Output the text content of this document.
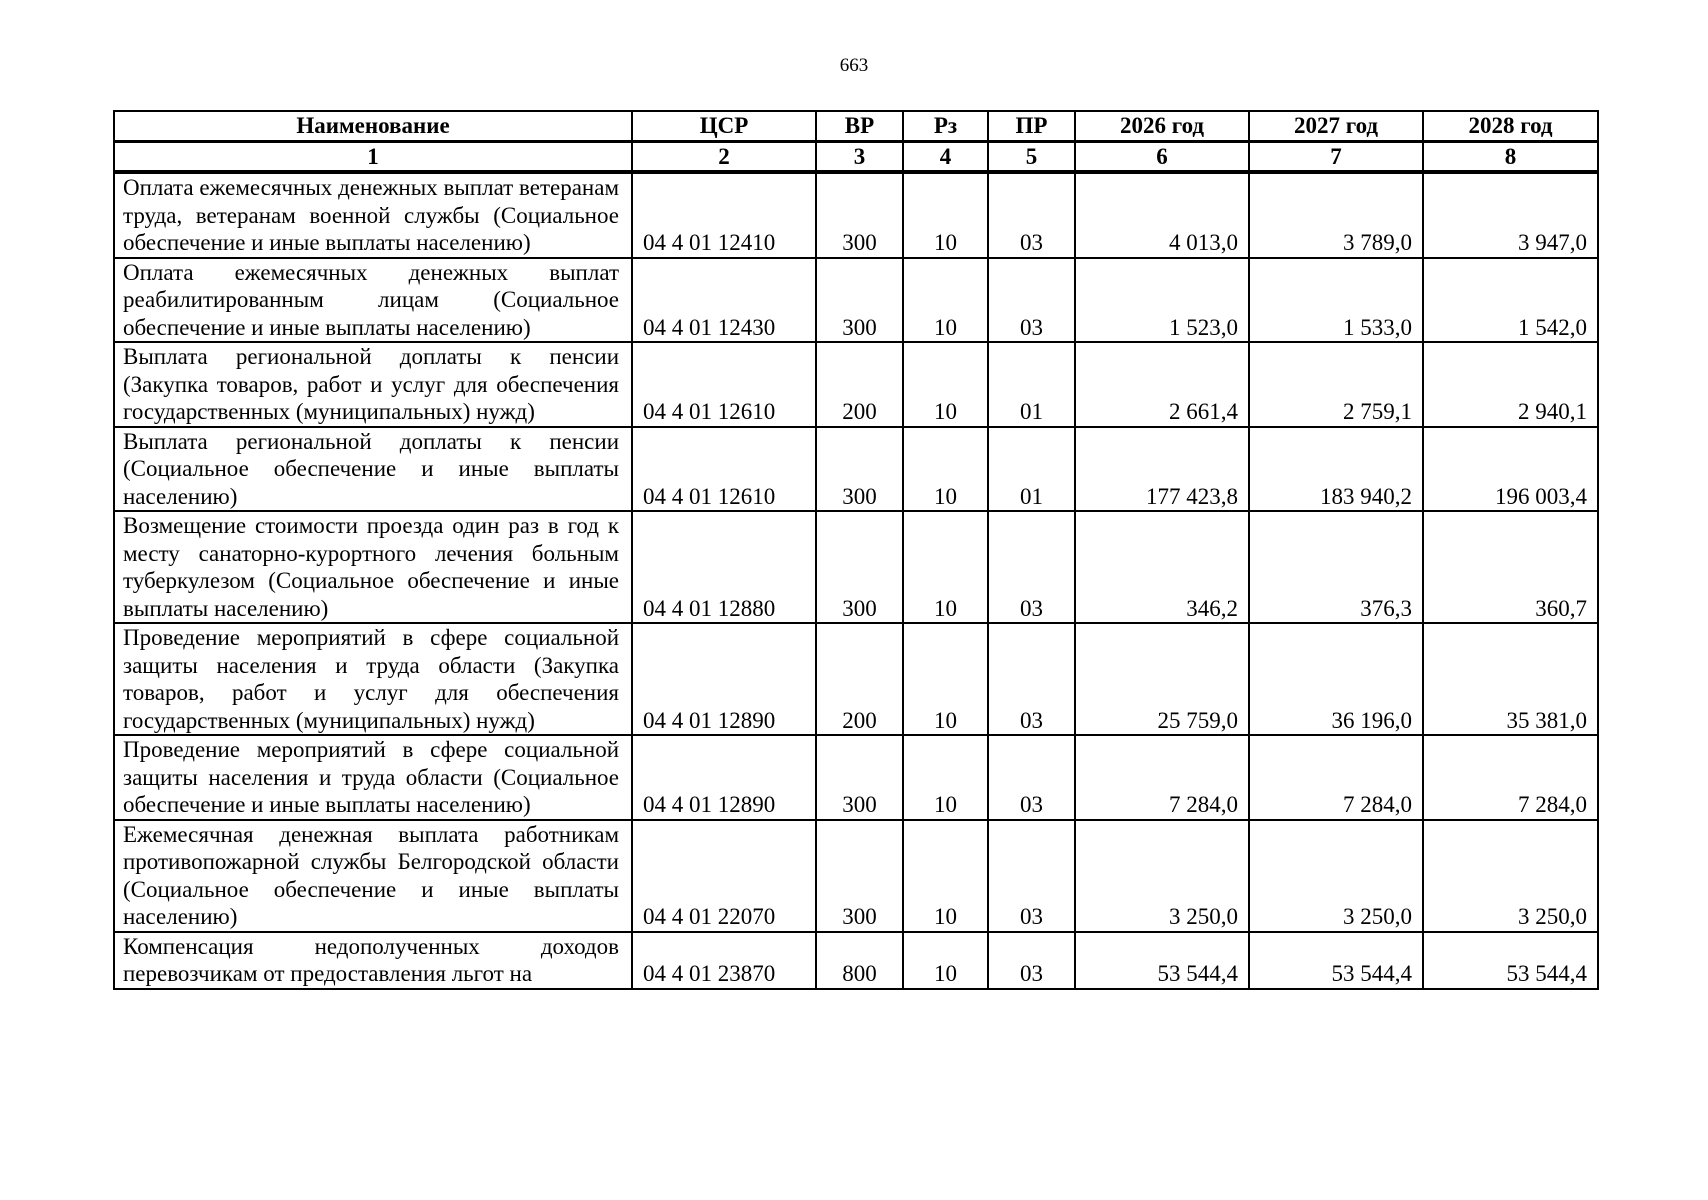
663
Наименование	ЦСР	ВР	Рз	ПР	2026 год	2027 год	2028 год
1	2	3	4	5	6	7	8
Оплата ежемесячных денежных выплат ветеранам труда, ветеранам военной службы (Социальное обеспечение и иные выплаты населению)	04 4 01 12410	300	10	03	4 013,0	3 789,0	3 947,0
Оплата ежемесячных денежных выплат реабилитированным лицам (Социальное обеспечение и иные выплаты населению)	04 4 01 12430	300	10	03	1 523,0	1 533,0	1 542,0
Выплата региональной доплаты к пенсии (Закупка товаров, работ и услуг для обеспечения государственных (муниципальных) нужд)	04 4 01 12610	200	10	01	2 661,4	2 759,1	2 940,1
Выплата региональной доплаты к пенсии (Социальное обеспечение и иные выплаты населению)	04 4 01 12610	300	10	01	177 423,8	183 940,2	196 003,4
Возмещение стоимости проезда один раз в год к месту санаторно-курортного лечения больным туберкулезом (Социальное обеспечение и иные выплаты населению)	04 4 01 12880	300	10	03	346,2	376,3	360,7
Проведение мероприятий в сфере социальной защиты населения и труда области (Закупка товаров, работ и услуг для обеспечения государственных (муниципальных) нужд)	04 4 01 12890	200	10	03	25 759,0	36 196,0	35 381,0
Проведение мероприятий в сфере социальной защиты населения и труда области (Социальное обеспечение и иные выплаты населению)	04 4 01 12890	300	10	03	7 284,0	7 284,0	7 284,0
Ежемесячная денежная выплата работникам противопожарной службы Белгородской области (Социальное обеспечение и иные выплаты населению)	04 4 01 22070	300	10	03	3 250,0	3 250,0	3 250,0
Компенсация недополученных доходов перевозчикам от предоставления льгот на	04 4 01 23870	800	10	03	53 544,4	53 544,4	53 544,4
